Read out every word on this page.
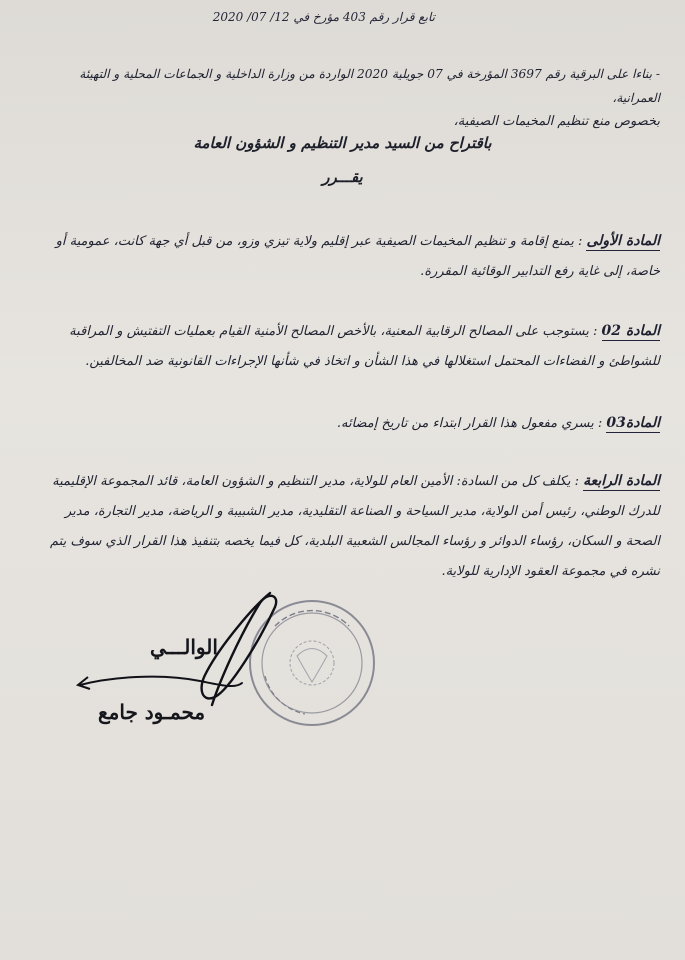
تابع قرار رقم 403 مؤرخ في 12/ 07/ 2020
- بناءا على البرقية رقم 3697 المؤرخة في 07 جويلية 2020 الواردة من وزارة الداخلية و الجماعات المحلية و التهيئة العمرانية،
بخصوص منع تنظيم المخيمات الصيفية،
باقتراح من السيد مدير التنظيم و الشؤون العامة
يقـــرر
المادة الأولى : يمنع إقامة و تنظيم المخيمات الصيفية عبر إقليم ولاية تيزي وزو، من قبل أي جهة كانت، عمومية أو خاصة، إلى غاية رفع التدابير الوقائية المقررة.
المادة 02 : يستوجب على المصالح الرقابية المعنية، بالأخص المصالح الأمنية القيام بعمليات التفتيش و المراقبة للشواطئ و الفضاءات المحتمل استغلالها في هذا الشأن و اتخاذ في شأنها الإجراءات القانونية ضد المخالفين.
المادة03 : يسري مفعول هذا القرار ابتداء من تاريخ إمضائه.
المادة الرابعة : يكلف كل من السادة: الأمين العام للولاية، مدير التنظيم و الشؤون العامة، قائد المجموعة الإقليمية للدرك الوطني، رئيس أمن الولاية، مدير السياحة و الصناعة التقليدية، مدير الشبيبة و الرياضة، مدير التجارة، مدير الصحة و السكان، رؤساء الدوائر و رؤساء المجالس الشعبية البلدية، كل فيما يخصه بتنفيذ هذا القرار الذي سوف يتم نشره في مجموعة العقود الإدارية للولاية.
الوالـــي
محمـود جامع
